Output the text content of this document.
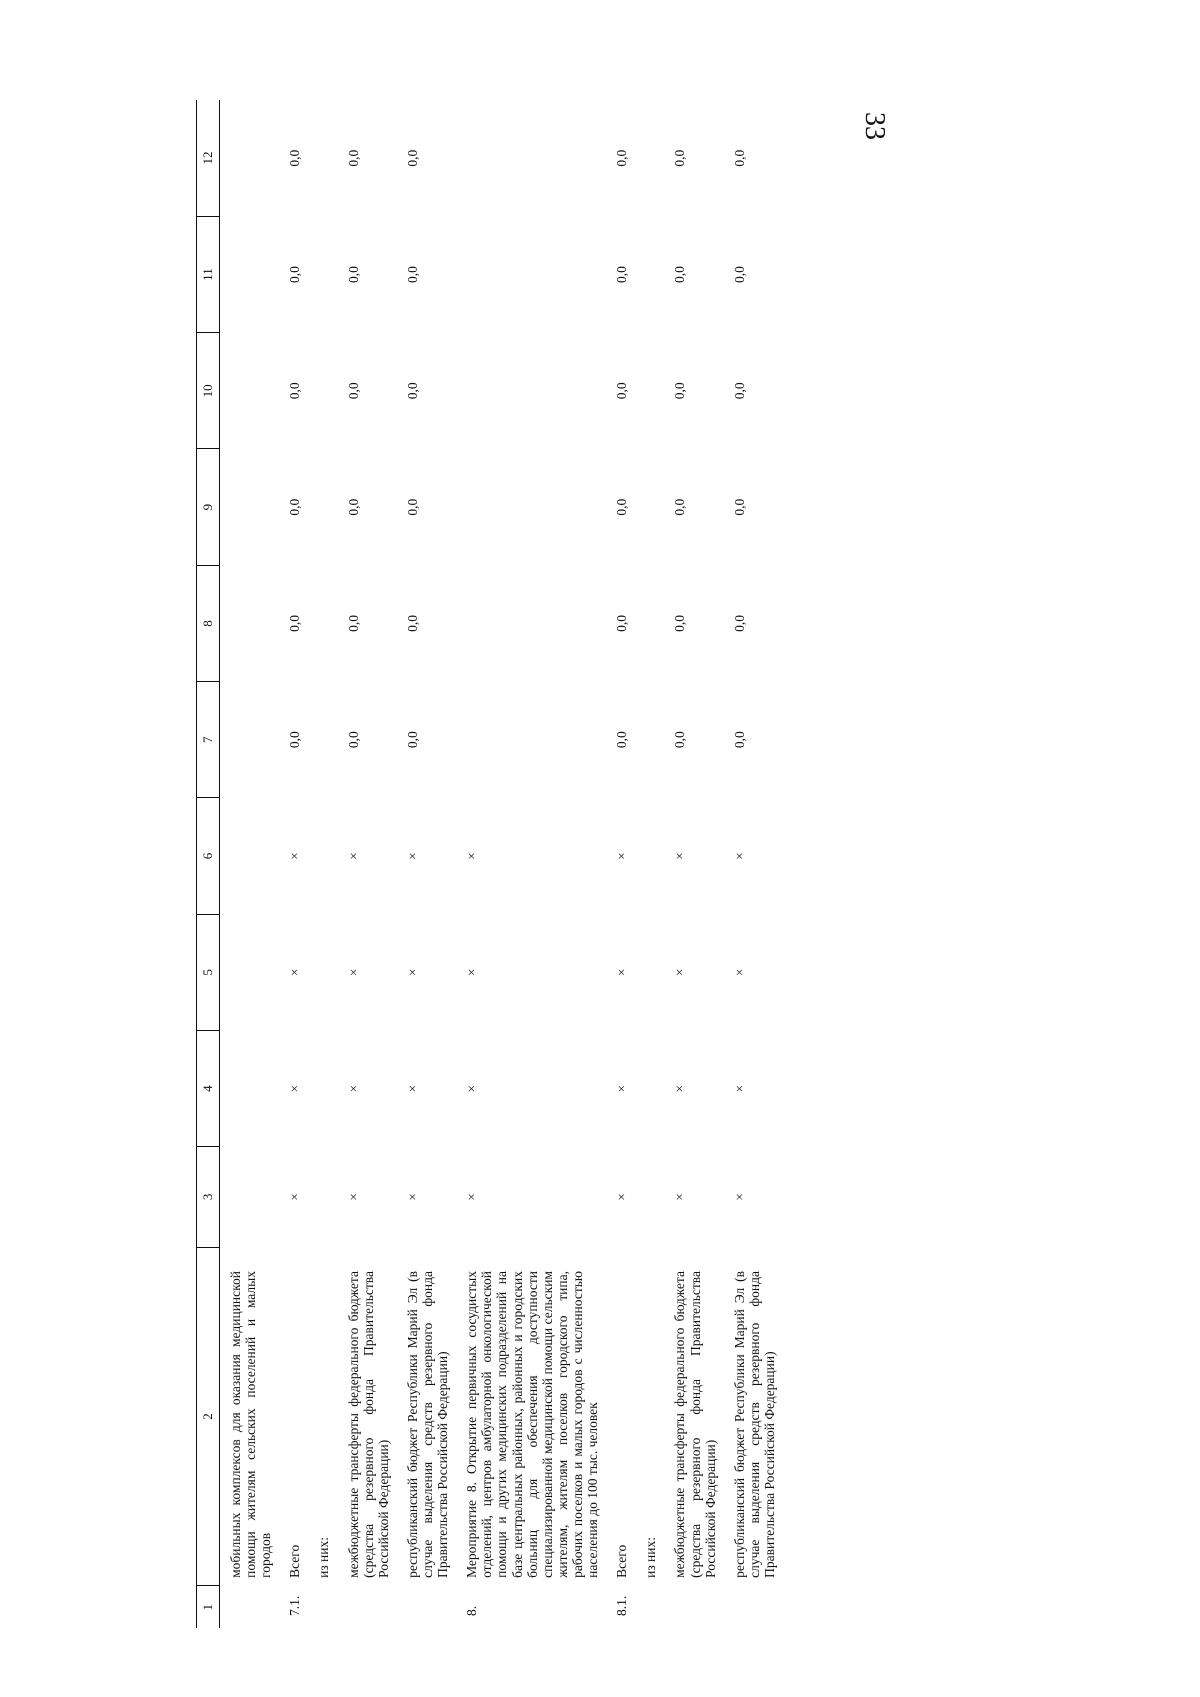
33
1	2	3	4	5	6	7	8	9	10	11	12
	мобильных комплексов для оказания медицинской помощи жителям сельских поселений и малых городов										
7.1.	Всего	×	×	×	×	0,0	0,0	0,0	0,0	0,0	0,0
	из них:										
	межбюджетные трансферты федерального бюджета (средства резервного фонда Правительства Российской Федерации)	×	×	×	×	0,0	0,0	0,0	0,0	0,0	0,0
	республиканский бюджет Республики Марий Эл (в случае выделения средств резервного фонда Правительства Российской Федерации)	×	×	×	×	0,0	0,0	0,0	0,0	0,0	0,0
8.	Мероприятие 8. Открытие первичных сосудистых отделений, центров амбулаторной онкологической помощи и других медицинских подразделений на базе центральных районных, районных и городских больниц для обеспечения доступности специализированной медицинской помощи сельским жителям, жителям поселков городского типа, рабочих поселков и малых городов с численностью населения до 100 тыс. человек	×	×	×	×						
8.1.	Всего	×	×	×	×	0,0	0,0	0,0	0,0	0,0	0,0
	из них:										
	межбюджетные трансферты федерального бюджета (средства резервного фонда Правительства Российской Федерации)	×	×	×	×	0,0	0,0	0,0	0,0	0,0	0,0
	республиканский бюджет Республики Марий Эл (в случае выделения средств резервного фонда Правительства Российской Федерации)	×	×	×	×	0,0	0,0	0,0	0,0	0,0	0,0
